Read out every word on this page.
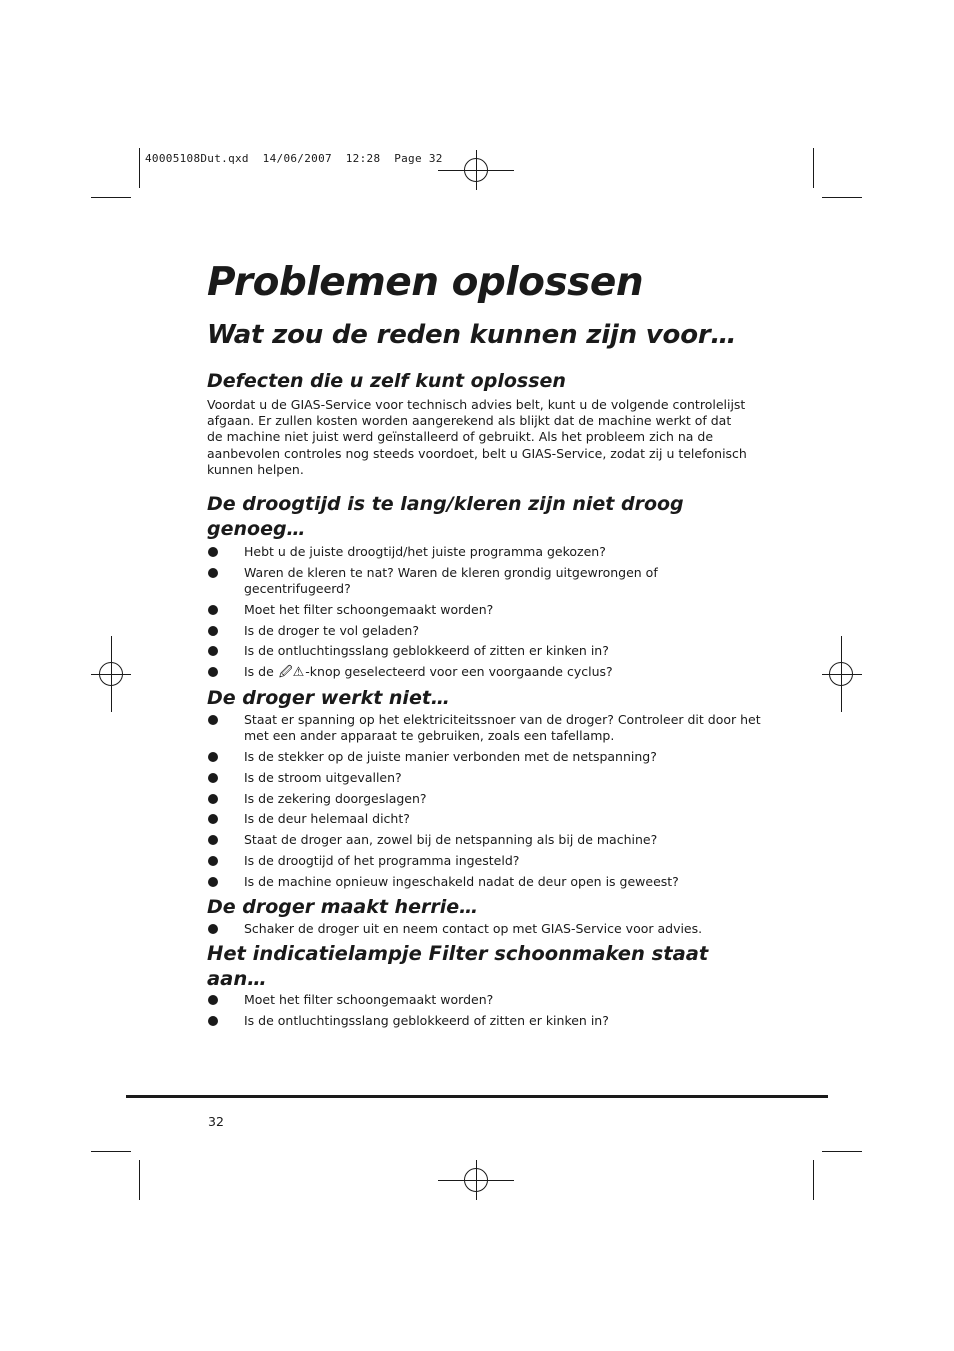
40005108Dut.qxd  14/06/2007  12:28  Page 32
Problemen oplossen
Wat zou de reden kunnen zijn voor…
Defecten die u zelf kunt oplossen

Voordat u de GIAS-Service voor technisch advies belt, kunt u de volgende controlelijst afgaan. Er zullen kosten worden aangerekend als blijkt dat de machine werkt of dat de machine niet juist werd geïnstalleerd of gebruikt. Als het probleem zich na de aanbevolen controles nog steeds voordoet, belt u GIAS-Service, zodat zij u telefonisch kunnen helpen.

De droogtijd is te lang/kleren zijn niet droog genoeg…
Hebt u de juiste droogtijd/het juiste programma gekozen?
Waren de kleren te nat? Waren de kleren grondig uitgewrongen of gecentrifugeerd?
Moet het filter schoongemaakt worden?
Is de droger te vol geladen?
Is de ontluchtingsslang geblokkeerd of zitten er kinken in?
Is de 🖉⚠-knop geselecteerd voor een voorgaande cyclus?
De droger werkt niet…
Staat er spanning op het elektriciteitssnoer van de droger? Controleer dit door het met een ander apparaat te gebruiken, zoals een tafellamp.
Is de stekker op de juiste manier verbonden met de netspanning?
Is de stroom uitgevallen?
Is de zekering doorgeslagen?
Is de deur helemaal dicht?
Staat de droger aan, zowel bij de netspanning als bij de machine?
Is de droogtijd of het programma ingesteld?
Is de machine opnieuw ingeschakeld nadat de deur open is geweest?
De droger maakt herrie…
Schaker de droger uit en neem contact op met GIAS-Service voor advies.
Het indicatielampje Filter schoonmaken staat aan…
Moet het filter schoongemaakt worden?
Is de ontluchtingsslang geblokkeerd of zitten er kinken in?
32
